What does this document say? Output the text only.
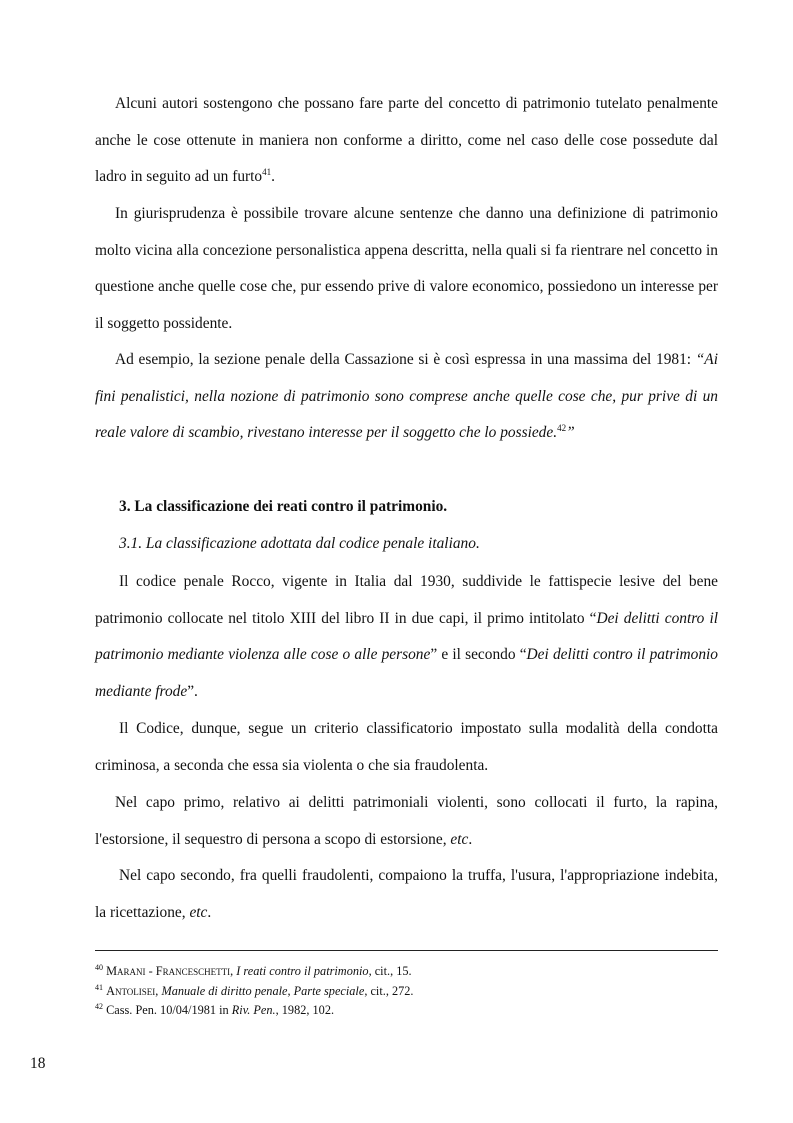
Alcuni autori sostengono che possano fare parte del concetto di patrimonio tutelato penalmente anche le cose ottenute in maniera non conforme a diritto, come nel caso delle cose possedute dal ladro in seguito ad un furto$^{41}$.

In giurisprudenza è possibile trovare alcune sentenze che danno una definizione di patrimonio molto vicina alla concezione personalistica appena descritta, nella quali si fa rientrare nel concetto in questione anche quelle cose che, pur essendo prive di valore economico, possiedono un interesse per il soggetto possidente.

Ad esempio, la sezione penale della Cassazione si è così espressa in una massima del 1981: “Ai fini penalistici, nella nozione di patrimonio sono comprese anche quelle cose che, pur prive di un reale valore di scambio, rivestano interesse per il soggetto che lo possiede.$^{42}$”

3. La classificazione dei reati contro il patrimonio.

3.1. La classificazione adottata dal codice penale italiano.

Il codice penale Rocco, vigente in Italia dal 1930, suddivide le fattispecie lesive del bene patrimonio collocate nel titolo XIII del libro II in due capi, il primo intitolato “Dei delitti contro il patrimonio mediante violenza alle cose o alle persone” e il secondo “Dei delitti contro il patrimonio mediante frode”.

Il Codice, dunque, segue un criterio classificatorio impostato sulla modalità della condotta criminosa, a seconda che essa sia violenta o che sia fraudolenta.

Nel capo primo, relativo ai delitti patrimoniali violenti, sono collocati il furto, la rapina, l'estorsione, il sequestro di persona a scopo di estorsione, etc.

Nel capo secondo, fra quelli fraudolenti, compaiono la truffa, l'usura, l'appropriazione indebita, la ricettazione, etc.

$^{40}$ Marani - Franceschetti, I reati contro il patrimonio, cit., 15.

$^{41}$ Antolisei, Manuale di diritto penale, Parte speciale, cit., 272.

$^{42}$ Cass. Pen. 10/04/1981 in Riv. Pen., 1982, 102.

18
